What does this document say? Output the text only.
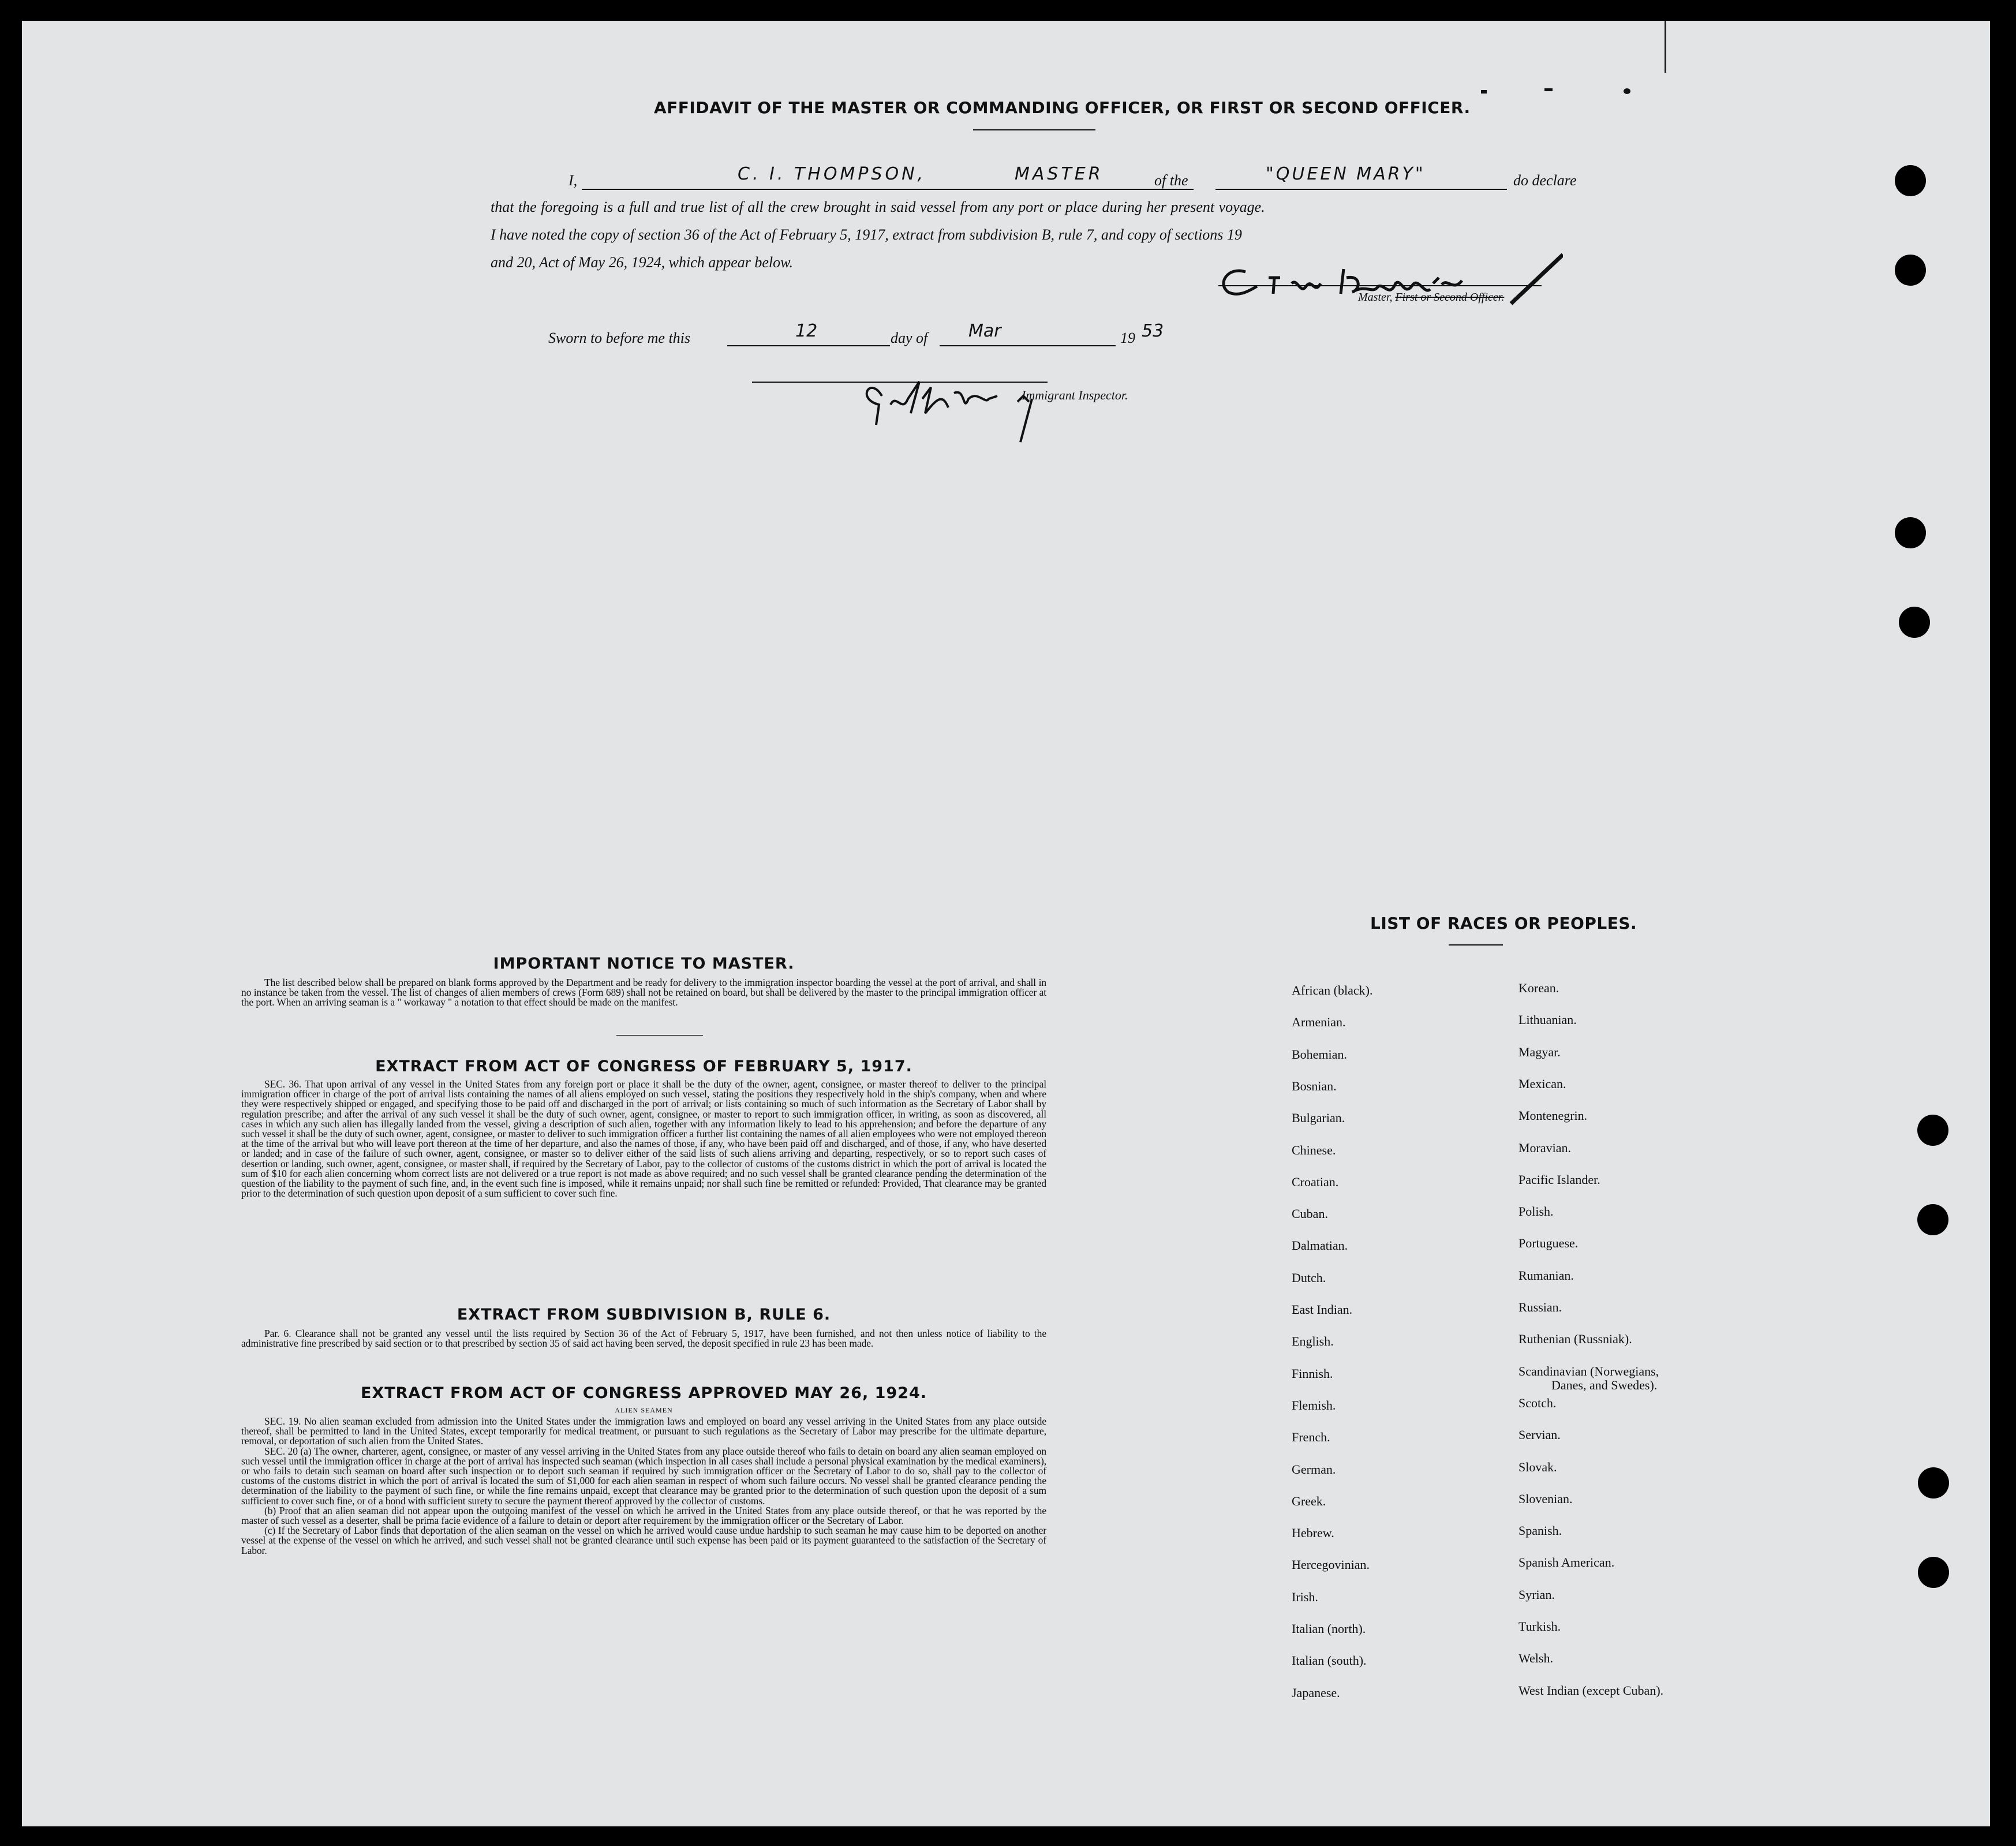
AFFIDAVIT OF THE MASTER OR COMMANDING OFFICER, OR FIRST OR SECOND OFFICER.
I,	C. I. THOMPSON,	MASTER	of the	"QUEEN MARY"	do declare
that the foregoing is a full and true list of all the crew brought in said vessel from any port or place during her present voyage.
I have noted the copy of section 36 of the Act of February 5, 1917, extract from subdivision B, rule 7, and copy of sections 19
and 20, Act of May 26, 1924, which appear below.
Master, First or Second Officer.
Sworn to before me this	12	day of Mar	19 53
Immigrant Inspector.
IMPORTANT NOTICE TO MASTER.

The list described below shall be prepared on blank forms approved by the Department and be ready for delivery to the immigration inspector boarding the vessel at the port of arrival, and shall in no instance be taken from the vessel. The list of changes of alien members of crews (Form 689) shall not be retained on board, but shall be delivered by the master to the principal immigration officer at the port. When an arriving seaman is a " workaway " a notation to that effect should be made on the manifest.

EXTRACT FROM ACT OF CONGRESS OF FEBRUARY 5, 1917.

SEC. 36. That upon arrival of any vessel in the United States from any foreign port or place it shall be the duty of the owner, agent, consignee, or master thereof to deliver to the principal immigration officer in charge of the port of arrival lists containing the names of all aliens employed on such vessel, stating the positions they respectively hold in the ship's company, when and where they were respectively shipped or engaged, and specifying those to be paid off and discharged in the port of arrival; or lists containing so much of such information as the Secretary of Labor shall by regulation prescribe; and after the arrival of any such vessel it shall be the duty of such owner, agent, consignee, or master to report to such immigration officer, in writing, as soon as discovered, all cases in which any such alien has illegally landed from the vessel, giving a description of such alien, together with any information likely to lead to his apprehension; and before the departure of any such vessel it shall be the duty of such owner, agent, consignee, or master to deliver to such immigration officer a further list containing the names of all alien employees who were not employed thereon at the time of the arrival but who will leave port thereon at the time of her departure, and also the names of those, if any, who have been paid off and discharged, and of those, if any, who have deserted or landed; and in case of the failure of such owner, agent, consignee, or master so to deliver either of the said lists of such aliens arriving and departing, respectively, or so to report such cases of desertion or landing, such owner, agent, consignee, or master shall, if required by the Secretary of Labor, pay to the collector of customs of the customs district in which the port of arrival is located the sum of $10 for each alien concerning whom correct lists are not delivered or a true report is not made as above required; and no such vessel shall be granted clearance pending the determination of the question of the liability to the payment of such fine, and, in the event such fine is imposed, while it remains unpaid; nor shall such fine be remitted or refunded: Provided, That clearance may be granted prior to the determination of such question upon deposit of a sum sufficient to cover such fine.

EXTRACT FROM SUBDIVISION B, RULE 6.

Par. 6. Clearance shall not be granted any vessel until the lists required by Section 36 of the Act of February 5, 1917, have been furnished, and not then unless notice of liability to the administrative fine prescribed by said section or to that prescribed by section 35 of said act having been served, the deposit specified in rule 23 has been made.

EXTRACT FROM ACT OF CONGRESS APPROVED MAY 26, 1924.
ALIEN SEAMEN

SEC. 19. No alien seaman excluded from admission into the United States under the immigration laws and employed on board any vessel arriving in the United States from any place outside thereof, shall be permitted to land in the United States, except temporarily for medical treatment, or pursuant to such regulations as the Secretary of Labor may prescribe for the ultimate departure, removal, or deportation of such alien from the United States.

SEC. 20 (a) The owner, charterer, agent, consignee, or master of any vessel arriving in the United States from any place outside thereof who fails to detain on board any alien seaman employed on such vessel until the immigration officer in charge at the port of arrival has inspected such seaman (which inspection in all cases shall include a personal physical examination by the medical examiners), or who fails to detain such seaman on board after such inspection or to deport such seaman if required by such immigration officer or the Secretary of Labor to do so, shall pay to the collector of customs of the customs district in which the port of arrival is located the sum of $1,000 for each alien seaman in respect of whom such failure occurs. No vessel shall be granted clearance pending the determination of the liability to the payment of such fine, or while the fine remains unpaid, except that clearance may be granted prior to the determination of such question upon the deposit of a sum sufficient to cover such fine, or of a bond with sufficient surety to secure the payment thereof approved by the collector of customs.

(b) Proof that an alien seaman did not appear upon the outgoing manifest of the vessel on which he arrived in the United States from any place outside thereof, or that he was reported by the master of such vessel as a deserter, shall be prima facie evidence of a failure to detain or deport after requirement by the immigration officer or the Secretary of Labor.

(c) If the Secretary of Labor finds that deportation of the alien seaman on the vessel on which he arrived would cause undue hardship to such seaman he may cause him to be deported on another vessel at the expense of the vessel on which he arrived, and such vessel shall not be granted clearance until such expense has been paid or its payment guaranteed to the satisfaction of the Secretary of Labor.

LIST OF RACES OR PEOPLES.
African (black).
Armenian.
Bohemian.
Bosnian.
Bulgarian.
Chinese.
Croatian.
Cuban.
Dalmatian.
Dutch.
East Indian.
English.
Finnish.
Flemish.
French.
German.
Greek.
Hebrew.
Hercegovinian.
Irish.
Italian (north).
Italian (south).
Japanese.
Korean.
Lithuanian.
Magyar.
Mexican.
Montenegrin.
Moravian.
Pacific Islander.
Polish.
Portuguese.
Rumanian.
Russian.
Ruthenian (Russniak).
Scandinavian (Norwegians,
Danes, and Swedes).
Scotch.
Servian.
Slovak.
Slovenian.
Spanish.
Spanish American.
Syrian.
Turkish.
Welsh.
West Indian (except Cuban).
